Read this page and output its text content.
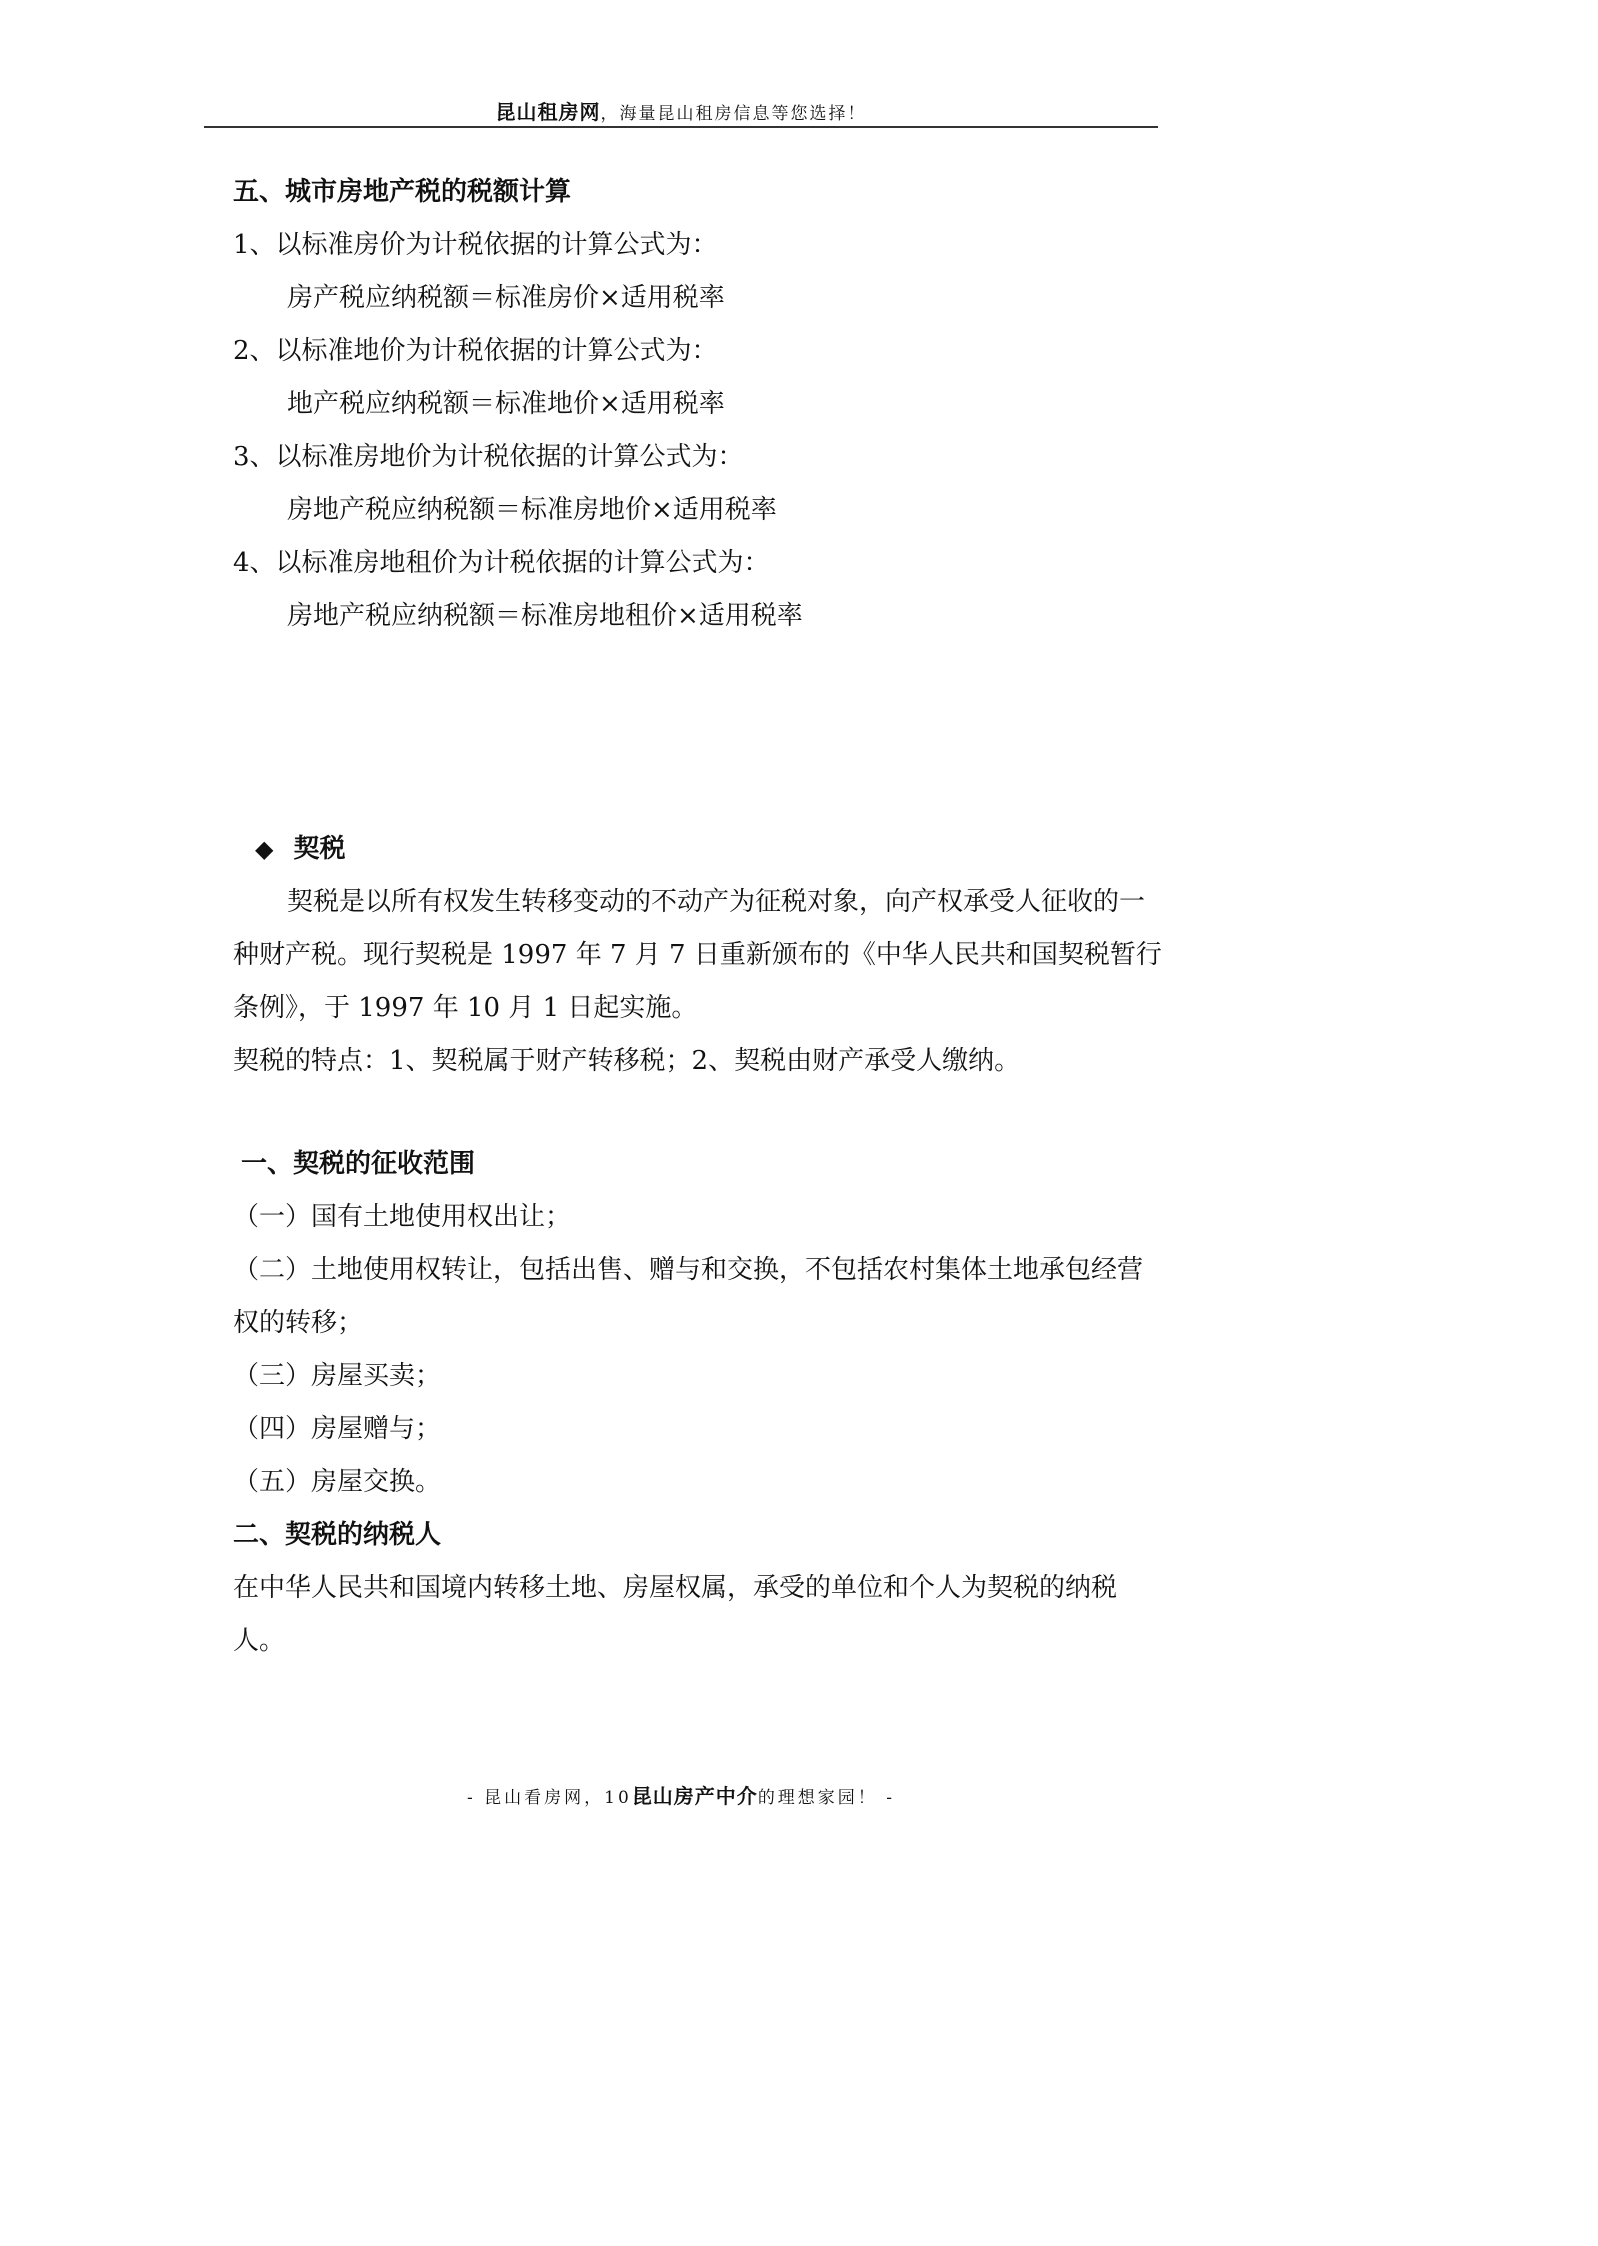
昆山租房网，海量昆山租房信息等您选择！
五、城市房地产税的税额计算
1、以标准房价为计税依据的计算公式为：
房产税应纳税额＝标准房价×适用税率
2、以标准地价为计税依据的计算公式为：
地产税应纳税额＝标准地价×适用税率
3、以标准房地价为计税依据的计算公式为：
房地产税应纳税额＝标准房地价×适用税率
4、以标准房地租价为计税依据的计算公式为：
房地产税应纳税额＝标准房地租价×适用税率
◆ 契税

契税是以所有权发生转移变动的不动产为征税对象，向产权承受人征收的一种财产税。现行契税是 1997 年 7 月 7 日重新颁布的《中华人民共和国契税暂行条例》，于 1997 年 10 月 1 日起实施。

契税的特点：1、契税属于财产转移税；2、契税由财产承受人缴纳。
一、契税的征收范围
（一）国有土地使用权出让；

（二）土地使用权转让，包括出售、赠与和交换，不包括农村集体土地承包经营权的转移；

（三）房屋买卖；
（四）房屋赠与；
（五）房屋交换。
二、契税的纳税人

在中华人民共和国境内转移土地、房屋权属，承受的单位和个人为契税的纳税人。

- 昆山看房网，10昆山房产中介的理想家园！ -
